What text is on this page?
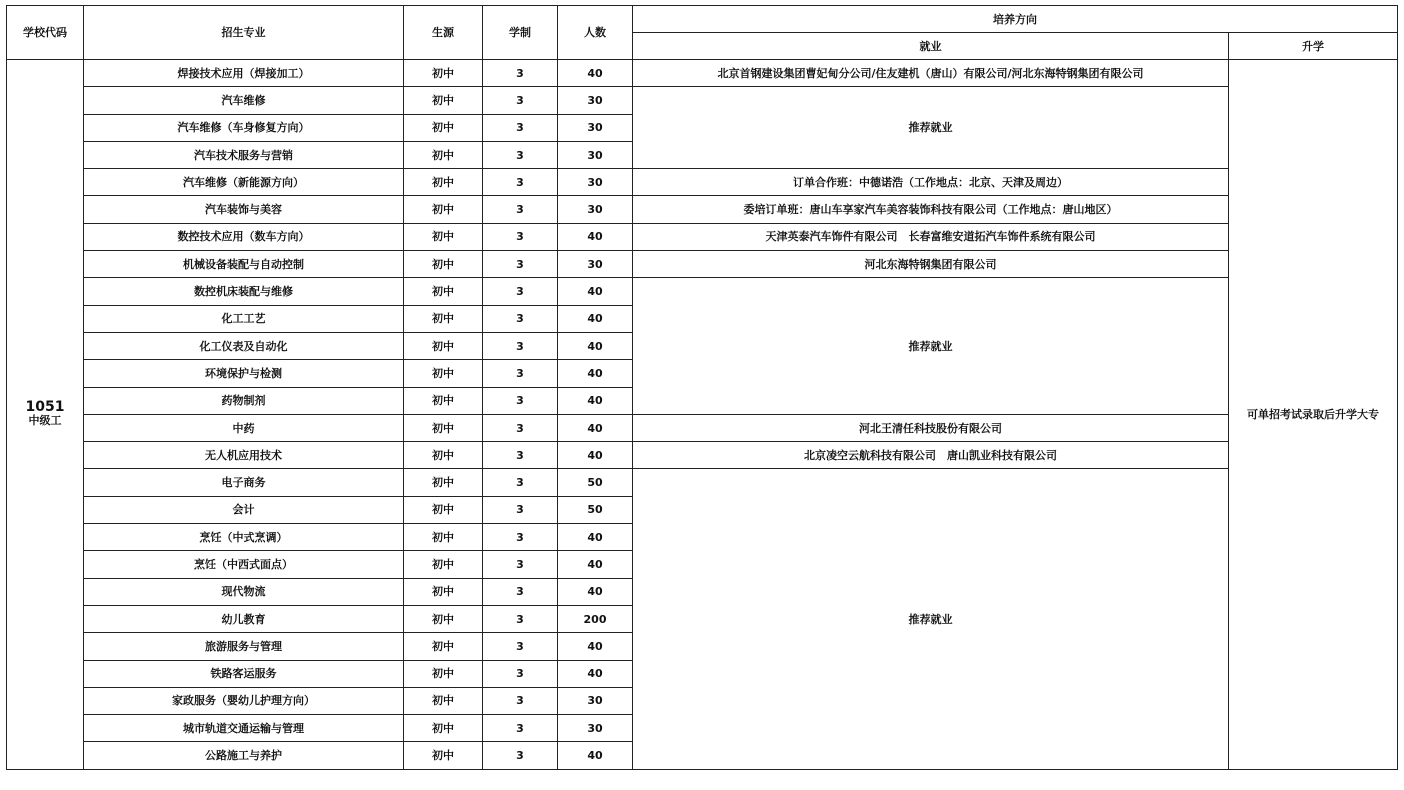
学校代码	招生专业	生源	学制	人数	培养方向	
					就业	升学

1051
中级工	焊接技术应用（焊接加工）	初中	3	40	北京首钢建设集团曹妃甸分公司/住友建机（唐山）有限公司/河北东海特钢集团有限公司	可单招考试录取后升学大专
	汽车维修	初中	3	30	推荐就业	
	汽车维修（车身修复方向）	初中	3	30		
	汽车技术服务与营销	初中	3	30		
	汽车维修（新能源方向）	初中	3	30	订单合作班：中德诺浩（工作地点：北京、天津及周边）	
	汽车装饰与美容	初中	3	30	委培订单班：唐山车享家汽车美容装饰科技有限公司（工作地点：唐山地区）	
	数控技术应用（数车方向）	初中	3	40	天津英泰汽车饰件有限公司　长春富维安道拓汽车饰件系统有限公司	
	机械设备装配与自动控制	初中	3	30	河北东海特钢集团有限公司	
	数控机床装配与维修	初中	3	40	推荐就业	
	化工工艺	初中	3	40		
	化工仪表及自动化	初中	3	40		
	环境保护与检测	初中	3	40		
	药物制剂	初中	3	40		
	中药	初中	3	40	河北王清任科技股份有限公司	
	无人机应用技术	初中	3	40	北京凌空云航科技有限公司　唐山凯业科技有限公司	
	电子商务	初中	3	50	推荐就业	
	会计	初中	3	50		
	烹饪（中式烹调）	初中	3	40		
	烹饪（中西式面点）	初中	3	40		
	现代物流	初中	3	40		
	幼儿教育	初中	3	200		
	旅游服务与管理	初中	3	40		
	铁路客运服务	初中	3	40		
	家政服务（婴幼儿护理方向）	初中	3	30		
	城市轨道交通运输与管理	初中	3	30		
	公路施工与养护	初中	3	40		
